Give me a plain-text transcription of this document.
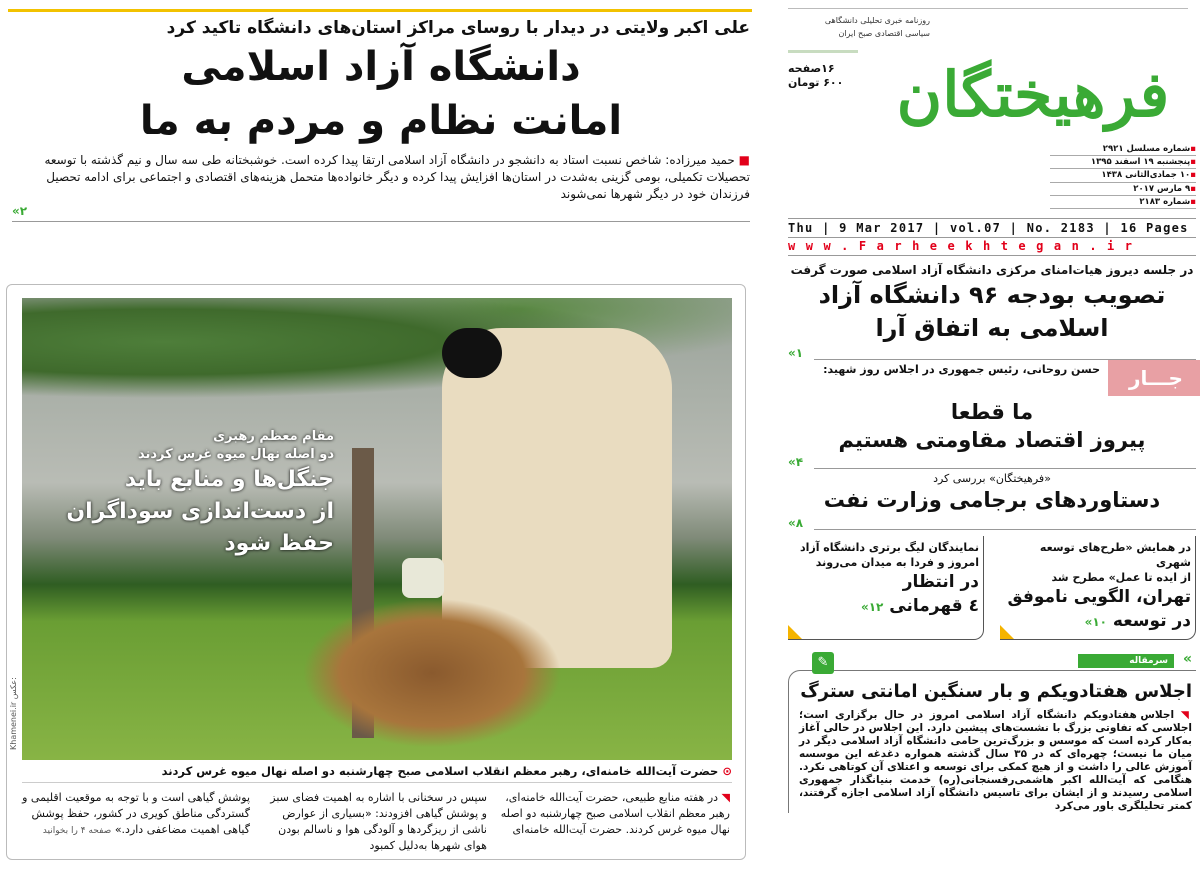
علی اکبر ولایتی در دیدار با روسای مراکز استان‌های دانشگاه تاکید کرد
دانشگاه آزاد اسلامی
امانت نظام و مردم به ما
■ حمید میرزاده: شاخص نسبت استاد به دانشجو در دانشگاه آزاد اسلامی ارتقا پیدا کرده است. خوشبختانه طی سه سال و نیم گذشته با توسعه تحصیلات تکمیلی، بومی گزینی به‌شدت در استان‌ها افزایش پیدا کرده و دیگر خانواده‌ها متحمل هزینه‌های اقتصادی و اجتماعی برای ادامه تحصیل فرزندان خود در دیگر شهرها نمی‌شوند
«۲
مقام معظم رهبری
دو اصله نهال میوه غرس کردند
جنگل‌ها و منابع باید
از دست‌اندازی سوداگران
حفظ شود
Khamenei.ir عکس:
⊙ حضرت آیت‌الله خامنه‌ای، رهبر معظم انقلاب اسلامی صبح چهارشنبه دو اصله نهال میوه غرس کردند
◥ در هفته منابع طبیعی، حضرت آیت‌الله خامنه‌ای، رهبر معظم انقلاب اسلامی صبح چهارشنبه دو اصله نهال میوه غرس کردند. حضرت آیت‌الله خامنه‌ای
سپس در سخنانی با اشاره به اهمیت فضای سبز و پوشش گیاهی افزودند: «بسیاری از عوارض ناشی از ریزگردها و آلودگی هوا و ناسالم بودن هوای شهرها به‌دلیل کمبود
پوشش گیاهی است و با توجه به موقعیت اقلیمی و گستردگی مناطق کویری در کشور، حفظ پوشش گیاهی اهمیت مضاعفی دارد.» صفحه ۴ را بخوانید
روزنامه خبری تحلیلی دانشگاهی
سیاسی اقتصادی صبح ایران
۱۶صفحه
۶۰۰ تومان فرهیختگان
▪شماره مسلسل ۲۹۲۱
▪پنجشنبه ۱۹ اسفند ۱۳۹۵
▪۱۰ جمادی‌الثانی ۱۴۳۸
▪۹ مارس ۲۰۱۷
▪شماره ۲۱۸۳
Thu | 9 Mar 2017 | vol.07 | No. 2183 | 16 Pages
www.Farheekhtegan.ir
در جلسه دیروز هیات‌امنای مرکزی دانشگاه آزاد اسلامی صورت گرفت
تصویب بودجه ۹۶ دانشگاه آزاد
اسلامی به اتفاق آرا
«۱
جـــار
حسن روحانی، رئیس جمهوری در اجلاس روز شهید:
ما قطعا
پیروز اقتصاد مقاومتی هستیم
«۴
«فرهیختگان» بررسی کرد
دستاوردهای برجامی وزارت نفت
«۸
در همایش «طرح‌های توسعه شهری
از ایده تا عمل» مطرح شد
تهران، الگویی ناموفق
در توسعه «۱۰
نمایندگان لیگ برتری دانشگاه آزاد
امروز و فردا به میدان می‌روند
در انتظار
٤ قهرمانی «۱۲
✎	سرمقاله	«
اجلاس هفتادویکم و بار سنگین امانتی سترگ
◥ اجلاس هفتادویکم دانشگاه آزاد اسلامی امروز در حال برگزاری است؛ اجلاسی که تفاوتی بزرگ با نشست‌های پیشین دارد. این اجلاس در حالی آغاز به‌کار کرده است که موسس و بزرگ‌ترین حامی دانشگاه آزاد اسلامی دیگر در میان ما نیست؛ چهره‌ای که در ۳۵ سال گذشته همواره دغدغه این موسسه آموزش عالی را داشت و از هیچ کمکی برای توسعه و اعتلای آن کوتاهی نکرد. هنگامی که آیت‌الله اکبر هاشمی‌رفسنجانی(ره) خدمت بنیانگذار جمهوری اسلامی رسیدند و از ایشان برای تاسیس دانشگاه آزاد اسلامی اجازه گرفتند، کمتر تحلیلگری باور می‌کرد
